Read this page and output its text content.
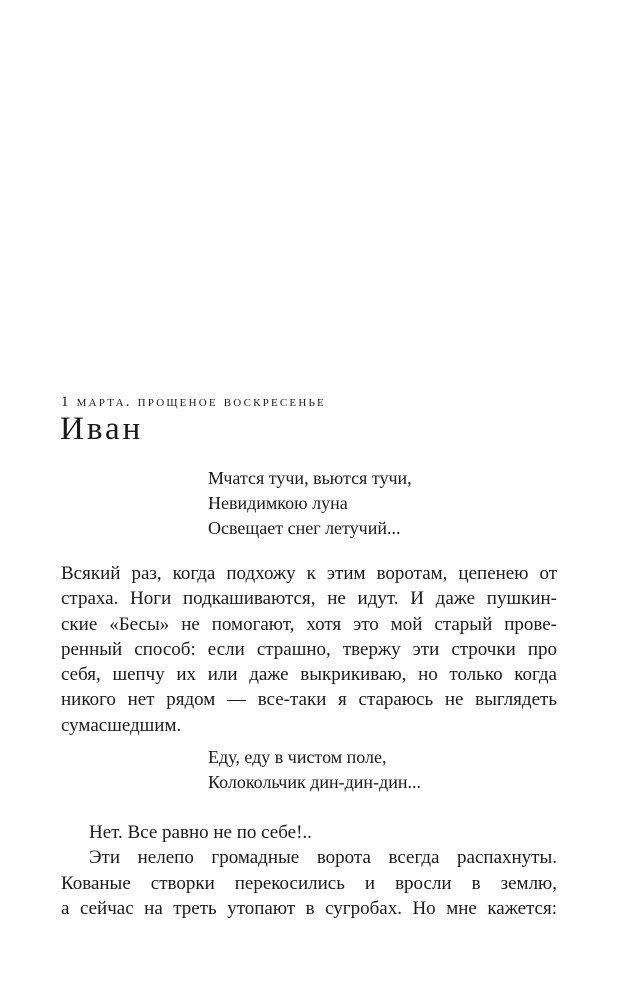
1 марта. прощеное воскресенье
Иван
Мчатся тучи, вьются тучи,
Невидимкою луна
Освещает снег летучий...
Всякий раз, когда подхожу к этим воротам, цепенею от
страха. Ноги подкашиваются, не идут. И даже пушкин-
ские «Бесы» не помогают, хотя это мой старый прове-
ренный способ: если страшно, твержу эти строчки про
себя, шепчу их или даже выкрикиваю, но только когда
никого нет рядом — все-таки я стараюсь не выглядеть
сумасшедшим.
Еду, еду в чистом поле,
Колокольчик дин-дин-дин...
Нет. Все равно не по себе!..
Эти нелепо громадные ворота всегда распахнуты.
Кованые створки перекосились и вросли в землю,
а сейчас на треть утопают в сугробах. Но мне кажется:
